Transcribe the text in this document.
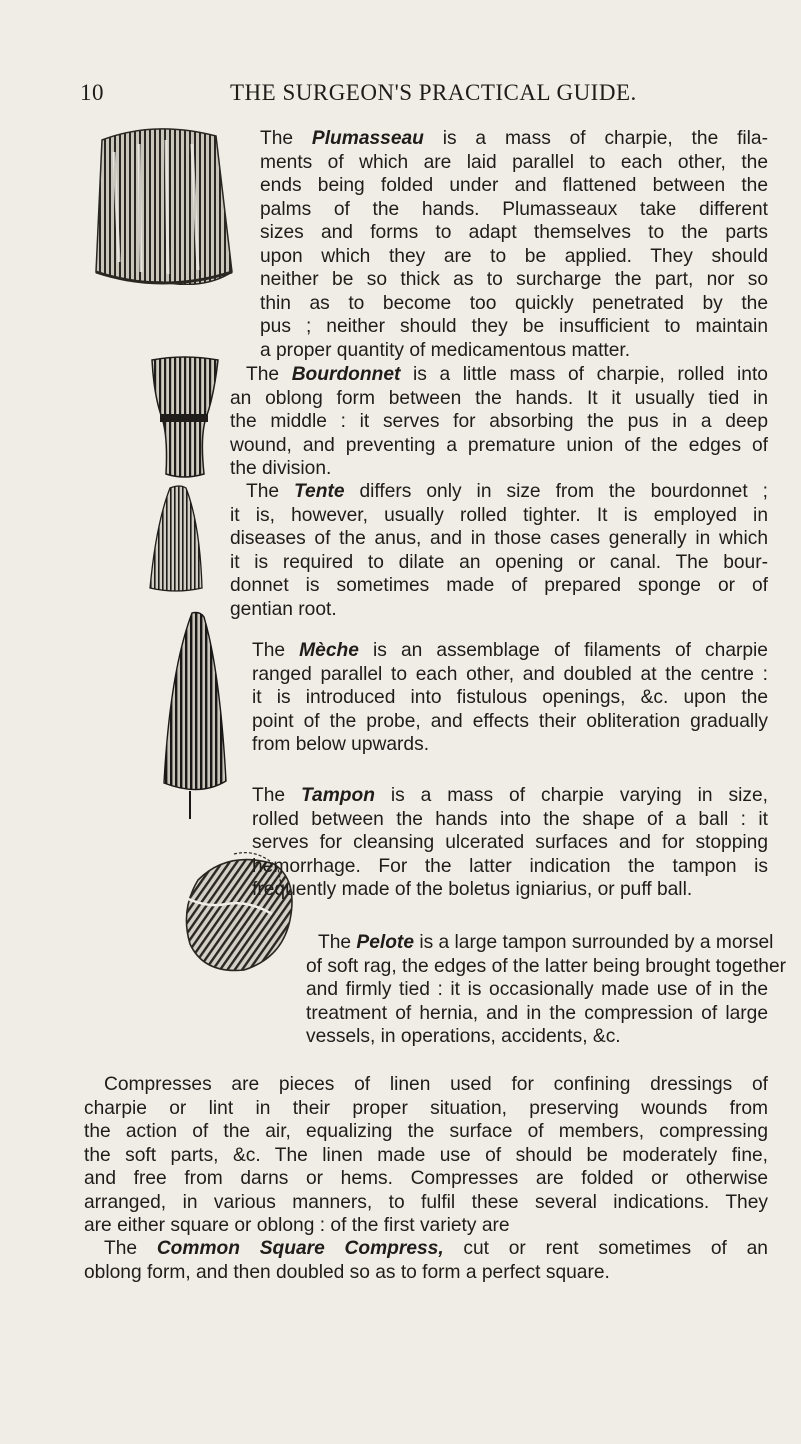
10	THE SURGEON'S PRACTICAL GUIDE.

The Plumasseau is a mass of charpie, the fila-
ments of which are laid parallel to each other, the
ends being folded under and flattened between the
palms of the hands. Plumasseaux take different
sizes and forms to adapt themselves to the parts
upon which they are to be applied. They should
neither be so thick as to surcharge the part, nor so
thin as to become too quickly penetrated by the
pus ; neither should they be insufficient to maintain
a proper quantity of medicamentous matter.

The Bourdonnet is a little mass of charpie, rolled into
an oblong form between the hands. It it usually tied in
the middle : it serves for absorbing the pus in a deep
wound, and preventing a premature union of the edges of
the division.

The Tente differs only in size from the bourdonnet ;
it is, however, usually rolled tighter. It is employed in
diseases of the anus, and in those cases generally in which
it is required to dilate an opening or canal. The bour-
donnet is sometimes made of prepared sponge or of
gentian root.

The Mèche is an assemblage of filaments of charpie
ranged parallel to each other, and doubled at the centre :
it is introduced into fistulous openings, &c. upon the
point of the probe, and effects their obliteration gradually
from below upwards.

The Tampon is a mass of charpie varying in size,
rolled between the hands into the shape of a ball : it
serves for cleansing ulcerated surfaces and for stopping
hemorrhage. For the latter indication the tampon is
frequently made of the boletus igniarius, or puff ball.

The Pelote is a large tampon surrounded by a morsel
of soft rag, the edges of the latter being brought together
and firmly tied : it is occasionally made use of in the
treatment of hernia, and in the compression of large
vessels, in operations, accidents, &c.

Compresses are pieces of linen used for confining dressings of
charpie or lint in their proper situation, preserving wounds from
the action of the air, equalizing the surface of members, compressing
the soft parts, &c. The linen made use of should be moderately fine,
and free from darns or hems. Compresses are folded or otherwise
arranged, in various manners, to fulfil these several indications. They
are either square or oblong : of the first variety are

The Common Square Compress, cut or rent sometimes of an
oblong form, and then doubled so as to form a perfect square.
